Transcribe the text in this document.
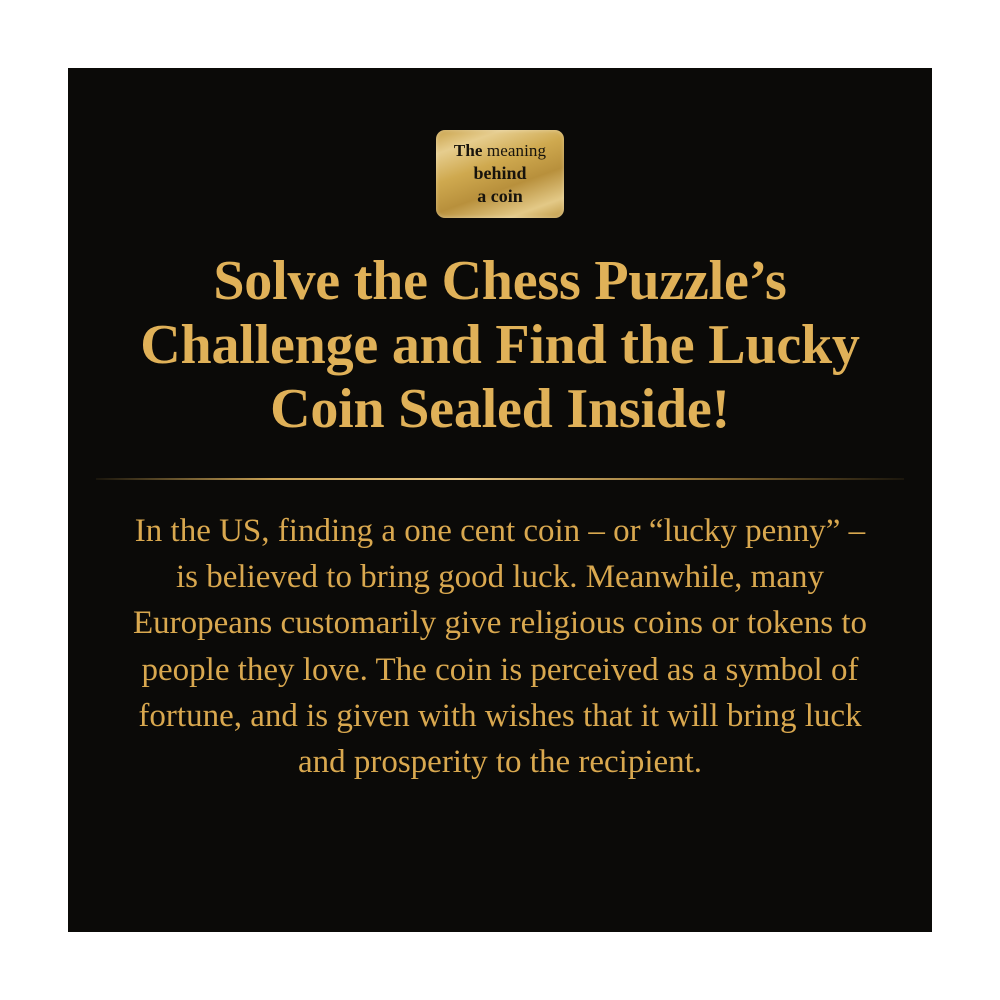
The meaning
behind
a coin
Solve the Chess Puzzle’s Challenge and Find the Lucky Coin Sealed Inside!

In the US, finding a one cent coin – or “lucky penny” – is believed to bring good luck. Meanwhile, many Europeans customarily give religious coins or tokens to people they love. The coin is perceived as a symbol of fortune, and is given with wishes that it will bring luck and prosperity to the recipient.
